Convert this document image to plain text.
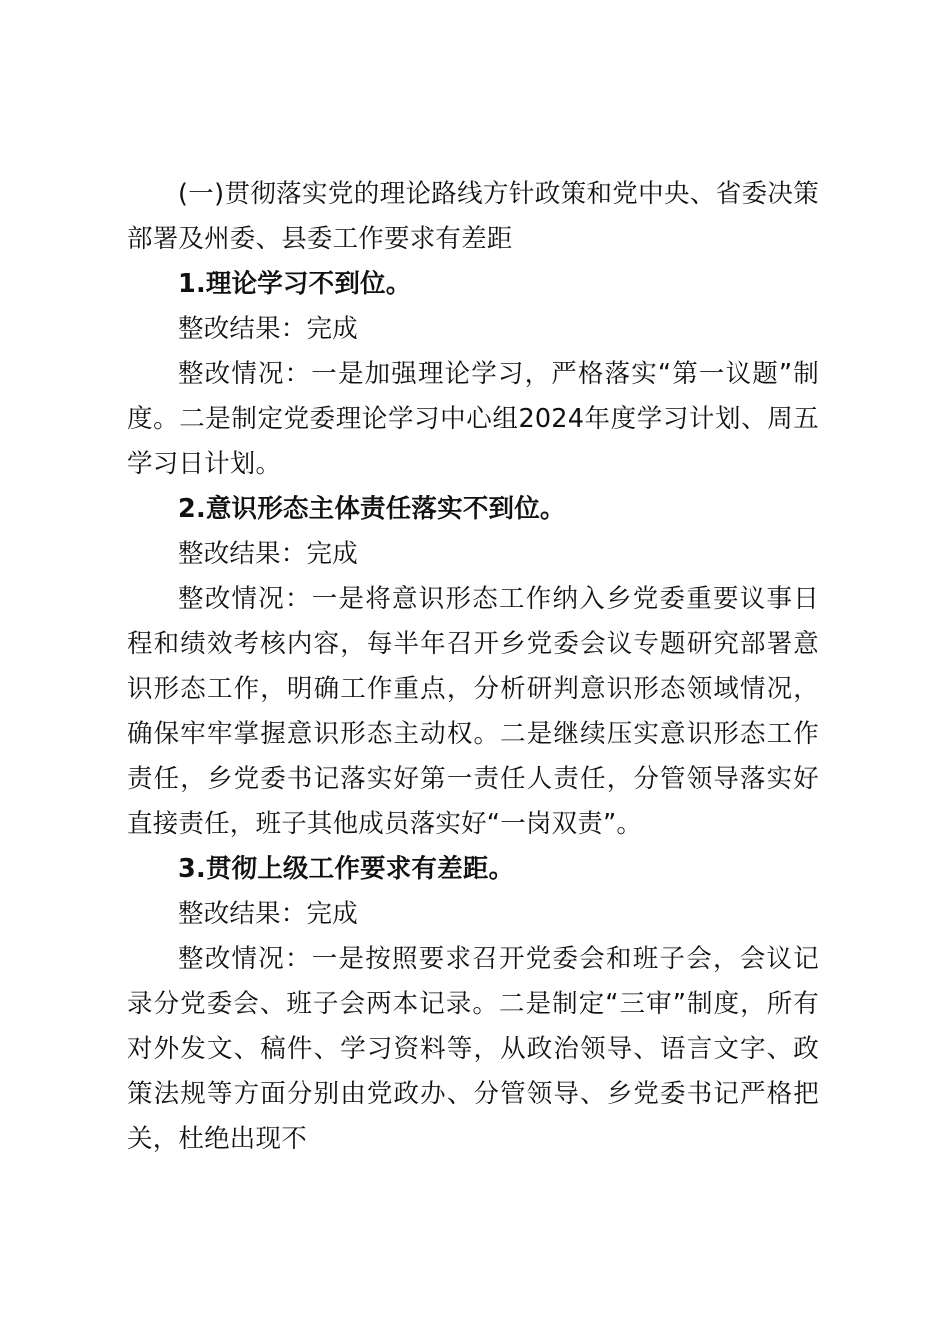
(一)贯彻落实党的理论路线方针政策和党中央、省委决策部署及州委、县委工作要求有差距

1.理论学习不到位。

整改结果：完成

整改情况：一是加强理论学习，严格落实“第一议题”制度。二是制定党委理论学习中心组2024年度学习计划、周五学习日计划。

2.意识形态主体责任落实不到位。

整改结果：完成

整改情况：一是将意识形态工作纳入乡党委重要议事日程和绩效考核内容，每半年召开乡党委会议专题研究部署意识形态工作，明确工作重点，分析研判意识形态领域情况，确保牢牢掌握意识形态主动权。二是继续压实意识形态工作责任，乡党委书记落实好第一责任人责任，分管领导落实好直接责任，班子其他成员落实好“一岗双责”。

3.贯彻上级工作要求有差距。

整改结果：完成

整改情况：一是按照要求召开党委会和班子会，会议记录分党委会、班子会两本记录。二是制定“三审”制度，所有对外发文、稿件、学习资料等，从政治领导、语言文字、政策法规等方面分别由党政办、分管领导、乡党委书记严格把关，杜绝出现不
